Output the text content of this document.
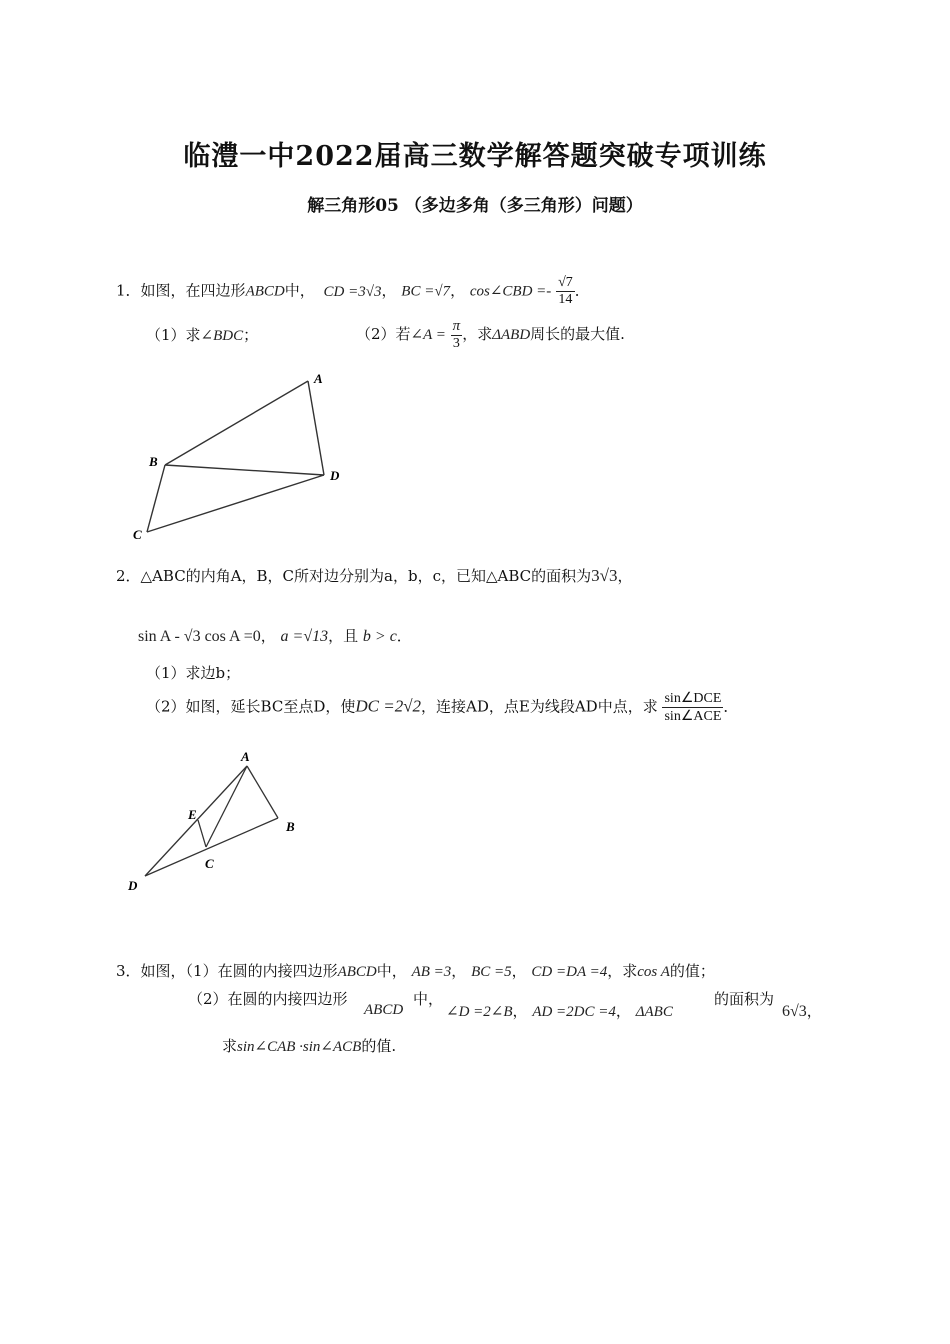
临澧一中2022届高三数学解答题突破专项训练
解三角形05 （多边多角（多三角形）问题）
1．如图，在四边形ABCD中， CD =3√3， BC =√7， cos∠CBD =- $\frac{√7}{14}$ ．
（1）求∠BDC；	（2）若∠A = $\frac{\pi}{3}$ ，求ΔABD周长的最大值.
A
B
C
D
2．△ABC的内角A，B，C所对边分别为a，b，c，已知△ABC的面积为3√3，
sin A - √3 cos A =0， a =√13，且 b > c．
（1）求边b；
（2）如图，延长BC至点D，使DC =2√2，连接AD，点E为线段AD中点，求 $\frac{\text{sin∠DCE}}{\text{sin∠ACE}}$ ．
A
B
C
D
E
3．如图，（1）在圆的内接四边形ABCD中， AB =3， BC =5， CD =DA =4，求cos A的值；
（2）在圆的内接四边形
ABCD
中，
∠D =2∠B， AD =2DC =4， ΔABC
的面积为
6√3，
求sin∠CAB ·sin∠ACB的值.
